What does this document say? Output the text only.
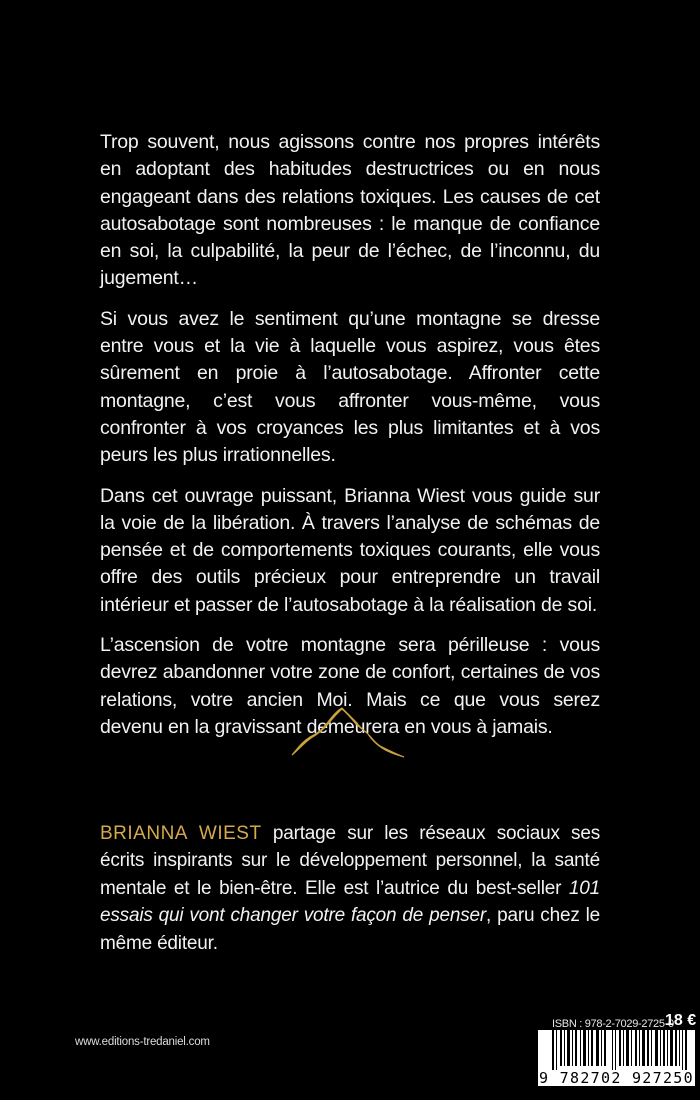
Trop souvent, nous agissons contre nos propres intérêts en adoptant des habitudes destructrices ou en nous engageant dans des relations toxiques. Les causes de cet autosabotage sont nombreuses : le manque de confiance en soi, la culpabilité, la peur de l’échec, de l’inconnu, du jugement…

Si vous avez le sentiment qu’une montagne se dresse entre vous et la vie à laquelle vous aspirez, vous êtes sûrement en proie à l’autosabotage. Affronter cette montagne, c’est vous affronter vous-même, vous confronter à vos croyances les plus limitantes et à vos peurs les plus irrationnelles.

Dans cet ouvrage puissant, Brianna Wiest vous guide sur la voie de la libération. À travers l’analyse de schémas de pensée et de comportements toxiques courants, elle vous offre des outils précieux pour entreprendre un travail intérieur et passer de l’autosabotage à la réalisation de soi.

L’ascension de votre montagne sera périlleuse : vous devrez abandonner votre zone de confort, certaines de vos relations, votre ancien Moi. Mais ce que vous serez devenu en la gravissant demeurera en vous à jamais.

BRIANNA WIEST partage sur les réseaux sociaux ses écrits inspirants sur le développement personnel, la santé mentale et le bien-être. Elle est l’autrice du best-seller 101 essais qui vont changer votre façon de penser, paru chez le même éditeur.
ISBN : 978-2-7029-2725-0
18 €
9 782702 927250
www.editions-tredaniel.com
